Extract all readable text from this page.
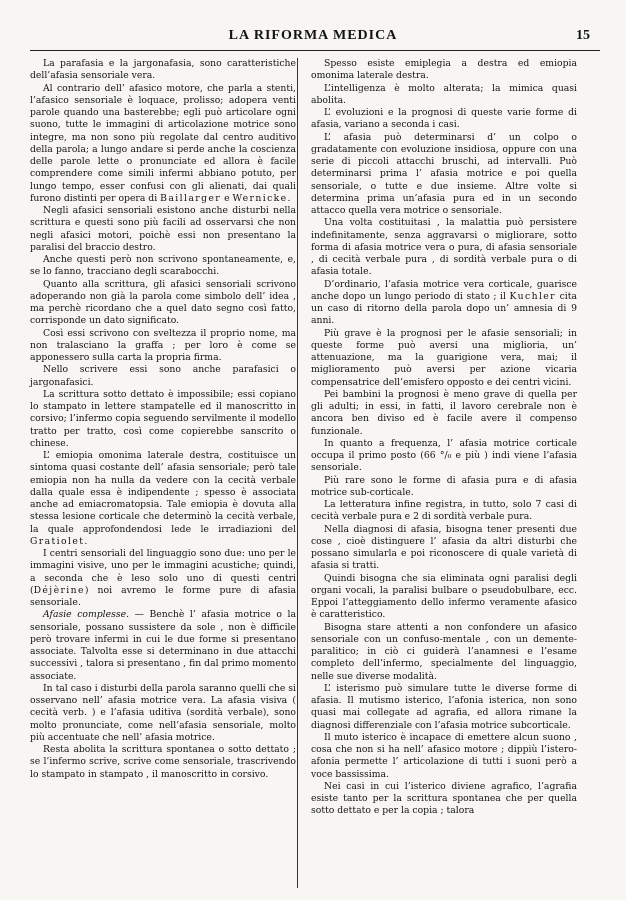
LA RIFORMA MEDICA	15

La parafasia e la jargonafasia, sono caratteristiche dell’afasia sensoriale vera.

Al contrario dell’ afasico motore, che parla a stenti, l’afasico sensoriale è loquace, prolisso; adopera venti parole quando una basterebbe; egli può articolare ogni suono, tutte le immagini di articolazione motrice sono integre, ma non sono più regolate dal centro auditivo della parola; a lungo andare si perde anche la coscienza delle parole lette o pronunciate ed allora è facile comprendere come simili infermi abbiano potuto, per lungo tempo, esser confusi con gli alienati, dai quali furono distinti per opera di Baillarger e Wernicke.

Negli afasici sensoriali esistono anche disturbi nella scrittura e questi sono più facili ad osservarsi che non negli afasici motori, poichè essi non presentano la paralisi del braccio destro.

Anche questi però non scrivono spontaneamente, e, se lo fanno, tracciano degli scarabocchi.

Quanto alla scrittura, gli afasici sensoriali scrivono adoperando non già la parola come simbolo dell’ idea , ma perchè ricordano che a quel dato segno così fatto, corrisponde un dato significato.

Così essi scrivono con sveltezza il proprio nome, ma non tralasciano la graffa ; per loro è come se apponessero sulla carta la propria firma.

Nello scrivere essi sono anche parafasici o jargonafasici.

La scrittura sotto dettato è impossibile; essi copiano lo stampato in lettere stampatelle ed il manoscritto in corsivo; l’infermo copia seguendo servilmente il modello tratto per tratto, così come copierebbe sanscrito o chinese.

L’ emiopia omonima laterale destra, costituisce un sintoma quasi costante dell’ afasia sensoriale; però tale emiopia non ha nulla da vedere con la cecità verbale dalla quale essa è indipendente ; spesso è associata anche ad emiacromatopsia. Tale emiopia è dovuta alla stessa lesione corticale che determinò la cecità verbale, la quale approfondendosi lede le irradiazioni del Gratiolet.

I centri sensoriali del linguaggio sono due: uno per le immagini visive, uno per le immagini acustiche; quindi, a seconda che è leso solo uno di questi centri (Déjèrine) noi avremo le forme pure di afasia sensoriale.

Afasie complesse. — Benchè l’ afasia motrice o la sensoriale, possano sussistere da sole , non è difficile però trovare infermi in cui le due forme si presentano associate. Talvolta esse si determinano in due attacchi successivi , talora si presentano , fin dal primo momento associate.

In tal caso i disturbi della parola saranno quelli che si osservano nell’ afasia motrice vera. La afasia visiva ( cecità verb. ) e l’afasia uditiva (sordità verbale), sono molto pronunciate, come nell’afasia sensoriale, molto più accentuate che nell’ afasia motrice.

Resta abolita la scrittura spontanea o sotto dettato ; se l’infermo scrive, scrive come sensoriale, trascrivendo lo stampato in stampato , il manoscritto in corsivo.

Spesso esiste emiplegia a destra ed emiopia omonima laterale destra.

L’intelligenza è molto alterata; la mimica quasi abolita.

L’ evoluzioni e la prognosi di queste varie forme di afasia, variano a seconda i casi.

L’ afasia può determinarsi d’ un colpo o gradatamente con evoluzione insidiosa, oppure con una serie di piccoli attacchi bruschi, ad intervalli. Può determinarsi prima l’ afasia motrice e poi quella sensoriale, o tutte e due insieme. Altre volte si determina prima un’afasia pura ed in un secondo attacco quella vera motrice o sensoriale.

Una volta costituitasi , la malattia può persistere indefinitamente, senza aggravarsi o migliorare, sotto forma di afasia motrice vera o pura, di afasia sensoriale , di cecità verbale pura , di sordità verbale pura o di afasia totale.

D’ordinario, l’afasia motrice vera corticale, guarisce anche dopo un lungo periodo di stato ; il Kuchler cita un caso di ritorno della parola dopo un’ amnesia di 9 anni.

Più grave è la prognosi per le afasie sensoriali; in queste forme può aversi una miglioria, un’ attenuazione, ma la guarigione vera, mai; il miglioramento può aversi per azione vicaria compensatrice dell’emisfero opposto e dei centri vicini.

Pei bambini la prognosi è meno grave di quella per gli adulti; in essi, in fatti, il lavoro cerebrale non è ancora ben diviso ed è facile avere il compenso funzionale.

In quanto a frequenza, l’ afasia motrice corticale occupa il primo posto (66 °/₀ e più ) indi viene l’afasia sensoriale.

Più rare sono le forme di afasia pura e di afasia motrice sub-corticale.

La letteratura infine registra, in tutto, solo 7 casi di cecità verbale pura e 2 di sordità verbale pura.

Nella diagnosi di afasia, bisogna tener presenti due cose , cioè distinguere l’ afasia da altri disturbi che possano simularla e poi riconoscere di quale varietà di afasia si tratti.

Quindi bisogna che sia eliminata ogni paralisi degli organi vocali, la paralisi bulbare o pseudobulbare, ecc. Eppoi l’atteggiamento dello infermo veramente afasico è caratteristico.

Bisogna stare attenti a non confondere un afasico sensoriale con un confuso-mentale , con un demente-paralitico; in ciò ci guiderà l’anamnesi e l’esame completo dell’infermo, specialmente del linguaggio, nelle sue diverse modalità.

L’ isterismo può simulare tutte le diverse forme di afasia. Il mutismo isterico, l’afonia isterica, non sono quasi mai collegate ad agrafia, ed allora rimane la diagnosi differenziale con l’afasia motrice subcorticale.

Il muto isterico è incapace di emettere alcun suono , cosa che non si ha nell’ afasico motore ; dippiù l’istero-afonia permette l’ articolazione di tutti i suoni però a voce bassissima.

Nei casi in cui l’isterico diviene agrafico, l’agrafia esiste tanto per la scrittura spontanea che per quella sotto dettato e per la copia ; talora
